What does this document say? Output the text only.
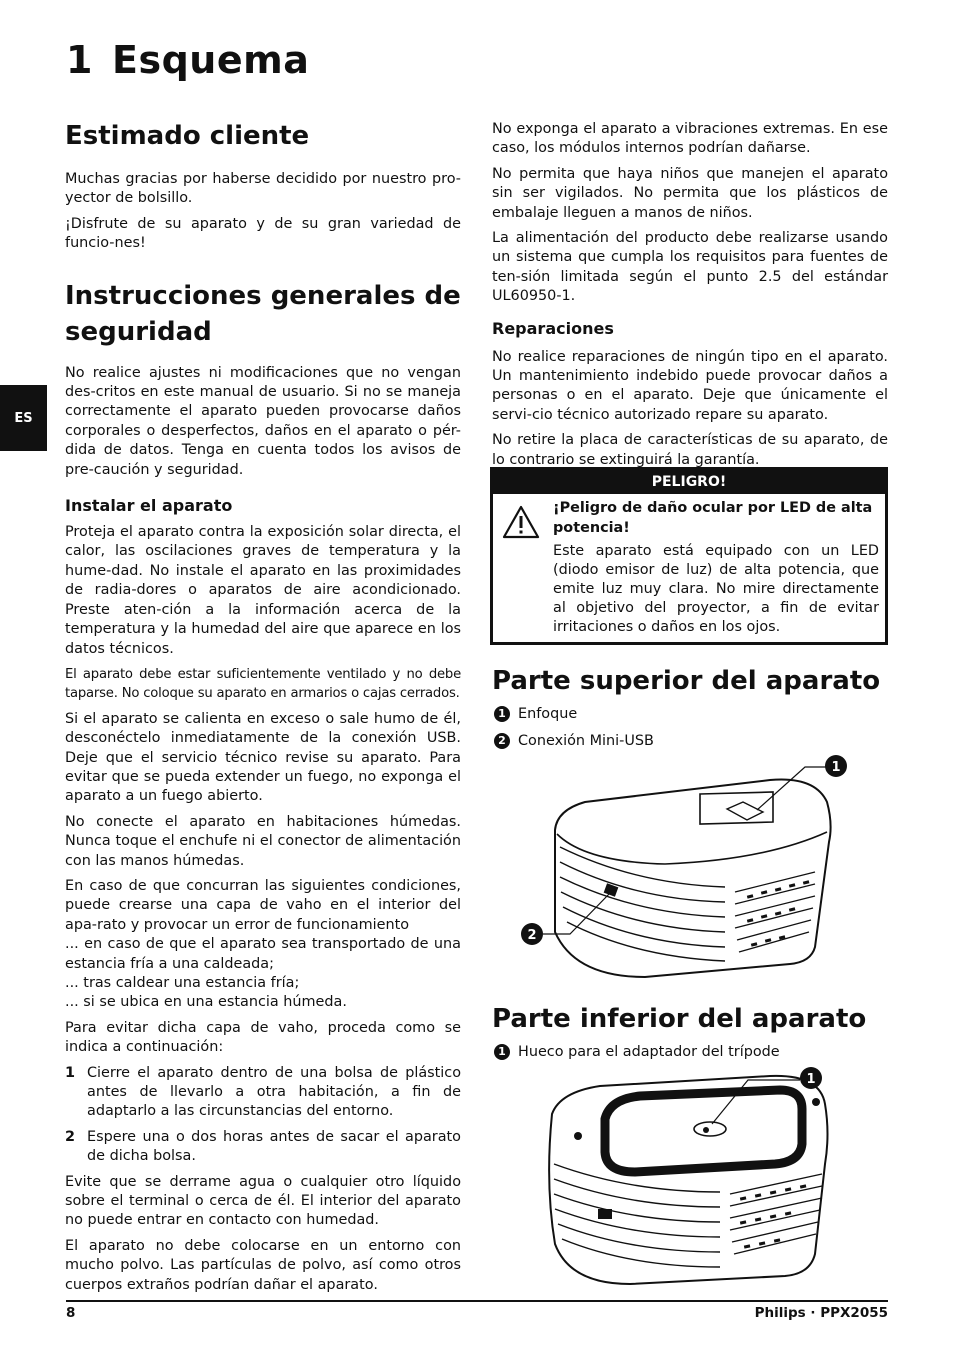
1 Esquema
ES
Estimado cliente

Muchas gracias por haberse decidido por nuestro pro-yector de bolsillo.

¡Disfrute de su aparato y de su gran variedad de funcio-nes!

Instrucciones generales de
seguridad

No realice ajustes ni modificaciones que no vengan des-critos en este manual de usuario. Si no se maneja correctamente el aparato pueden provocarse daños corporales o desperfectos, daños en el aparato o pér-dida de datos. Tenga en cuenta todos los avisos de pre-caución y seguridad.

Instalar el aparato

Proteja el aparato contra la exposición solar directa, el calor, las oscilaciones graves de temperatura y la hume-dad. No instale el aparato en las proximidades de radia-dores o aparatos de aire acondicionado. Preste aten-ción a la información acerca de la temperatura y la humedad del aire que aparece en los datos técnicos.

El aparato debe estar suficientemente ventilado y no debe taparse. No coloque su aparato en armarios o cajas cerrados.

Si el aparato se calienta en exceso o sale humo de él, desconéctelo inmediatamente de la conexión USB. Deje que el servicio técnico revise su aparato. Para evitar que se pueda extender un fuego, no exponga el aparato a un fuego abierto.

No conecte el aparato en habitaciones húmedas. Nunca toque el enchufe ni el conector de alimentación con las manos húmedas.

En caso de que concurran las siguientes condiciones, puede crearse una capa de vaho en el interior del apa-rato y provocar un error de funcionamiento

... en caso de que el aparato sea transportado de una estancia fría a una caldeada;

... tras caldear una estancia fría;

... si se ubica en una estancia húmeda.

Para evitar dicha capa de vaho, proceda como se indica a continuación:

1 Cierre el aparato dentro de una bolsa de plástico antes de llevarlo a otra habitación, a fin de adaptarlo a las circunstancias del entorno.
2 Espere una o dos horas antes de sacar el aparato de dicha bolsa.

Evite que se derrame agua o cualquier otro líquido sobre el terminal o cerca de él. El interior del aparato no puede entrar en contacto con humedad.

El aparato no debe colocarse en un entorno con mucho polvo. Las partículas de polvo, así como otros cuerpos extraños podrían dañar el aparato.

No exponga el aparato a vibraciones extremas. En ese caso, los módulos internos podrían dañarse.

No permita que haya niños que manejen el aparato sin ser vigilados. No permita que los plásticos de embalaje lleguen a manos de niños.

La alimentación del producto debe realizarse usando un sistema que cumpla los requisitos para fuentes de ten-sión limitada según el punto 2.5 del estándar UL60950-1.

Reparaciones

No realice reparaciones de ningún tipo en el aparato. Un mantenimiento indebido puede provocar daños a personas o en el aparato. Deje que únicamente el servi-cio técnico autorizado repare su aparato.

No retire la placa de características de su aparato, de lo contrario se extinguirá la garantía.

PELIGRO!
¡Peligro de daño ocular por LED de alta potencia!

Este aparato está equipado con un LED (diodo emisor de luz) de alta potencia, que emite luz muy clara. No mire directamente al objetivo del proyector, a fin de evitar irritaciones o daños en los ojos.

Parte superior del aparato
1 Enfoque
2 Conexión Mini-USB
1
2
Parte inferior del aparato
1 Hueco para el adaptador del trípode
1
8	Philips · PPX2055
